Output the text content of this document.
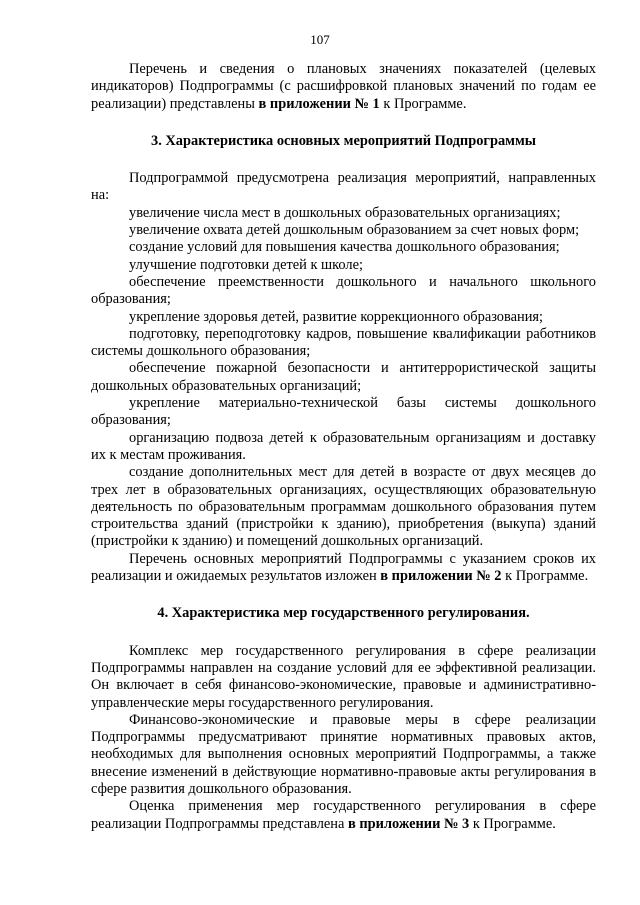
107

Перечень и сведения о плановых значениях показателей (целевых индикаторов) Подпрограммы (с расшифровкой плановых значений по годам ее реализации) представлены в приложении № 1 к Программе.

3. Характеристика основных мероприятий Подпрограммы

Подпрограммой предусмотрена реализация мероприятий, направленных на:

увеличение числа мест в дошкольных образовательных организациях;

увеличение охвата детей дошкольным образованием за счет новых форм;

создание условий для повышения качества дошкольного образования;

улучшение подготовки детей к школе;

обеспечение преемственности дошкольного и начального школьного образования;

укрепление здоровья детей, развитие коррекционного образования;

подготовку, переподготовку кадров, повышение квалификации работников системы дошкольного образования;

обеспечение пожарной безопасности и антитеррористической защиты дошкольных образовательных организаций;

укрепление материально-технической базы системы дошкольного образования;

организацию подвоза детей к образовательным организациям и доставку их к местам проживания.

создание дополнительных мест для детей в возрасте от двух месяцев до трех лет в образовательных организациях, осуществляющих образовательную деятельность по образовательным программам дошкольного образования путем строительства зданий (пристройки к зданию), приобретения (выкупа) зданий (пристройки к зданию) и помещений дошкольных организаций.

Перечень основных мероприятий Подпрограммы с указанием сроков их реализации и ожидаемых результатов изложен в приложении № 2 к Программе.

4. Характеристика мер государственного регулирования.

Комплекс мер государственного регулирования в сфере реализации Подпрограммы направлен на создание условий для ее эффективной реализации. Он включает в себя финансово-экономические, правовые и административно-управленческие меры государственного регулирования.

Финансово-экономические и правовые меры в сфере реализации Подпрограммы предусматривают принятие нормативных правовых актов, необходимых для выполнения основных мероприятий Подпрограммы, а также внесение изменений в действующие нормативно-правовые акты регулирования в сфере развития дошкольного образования.

Оценка применения мер государственного регулирования в сфере реализации Подпрограммы представлена в приложении № 3 к Программе.
